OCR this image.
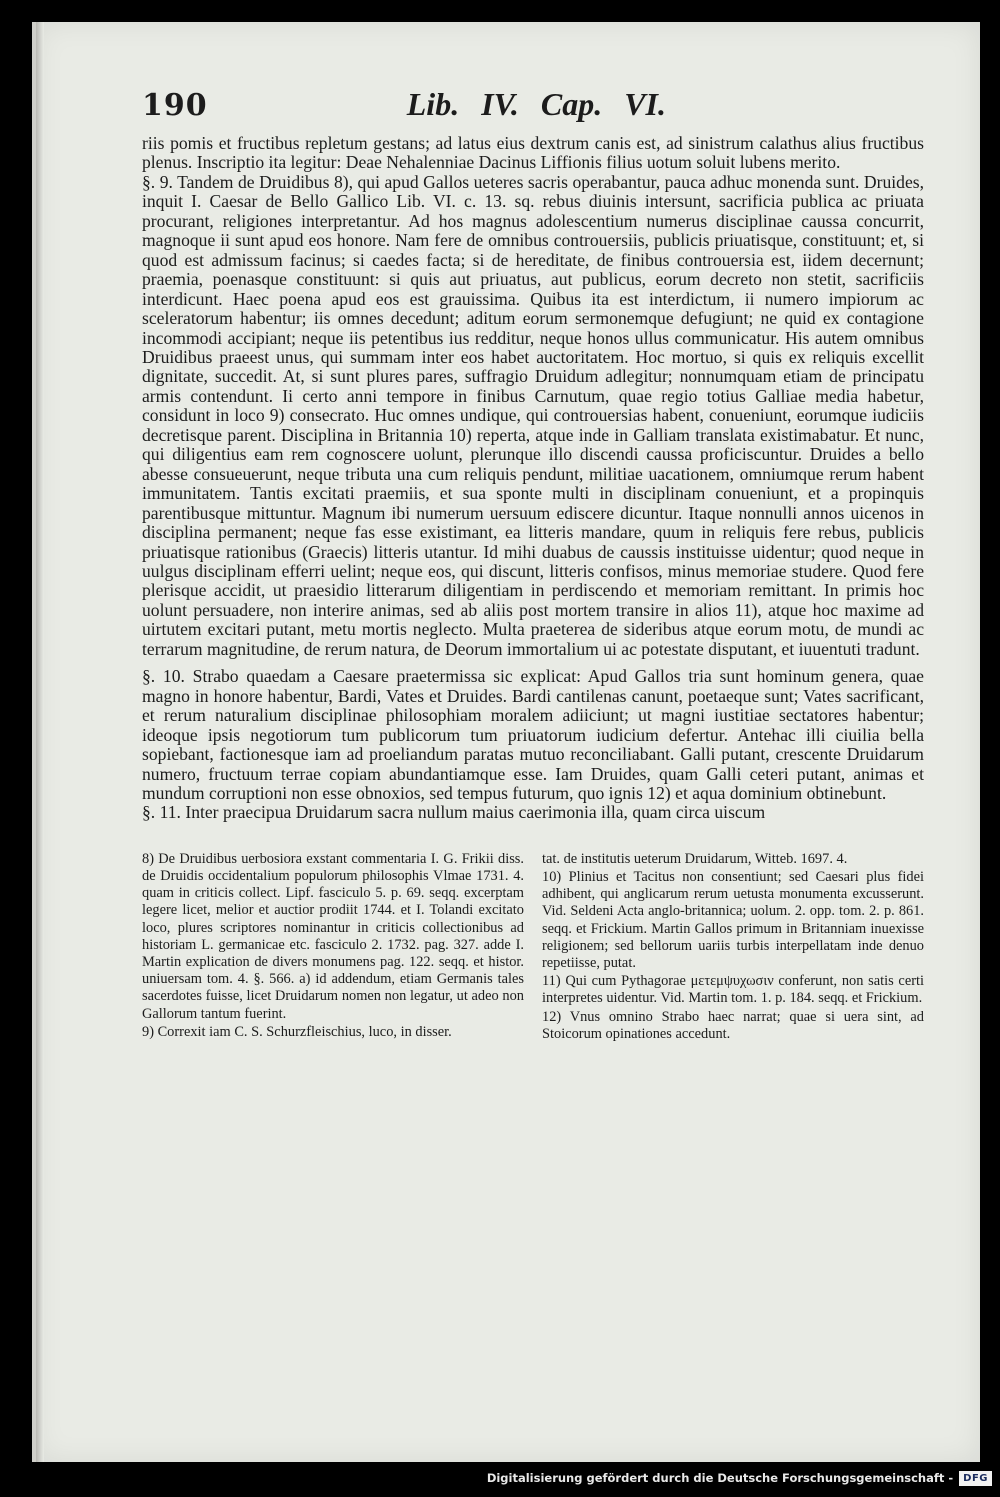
190	Lib. IV. Cap. VI.

riis pomis et fructibus repletum gestans; ad latus eius dextrum canis est, ad sinistrum calathus alius fructibus plenus. Inscriptio ita legitur: Deae Nehalenniae Dacinus Liffionis filius uotum soluit lubens merito.

§. 9. Tandem de Druidibus 8), qui apud Gallos ueteres sacris operabantur, pauca adhuc monenda sunt. Druides, inquit I. Caesar de Bello Gallico Lib. VI. c. 13. sq. rebus diuinis intersunt, sacrificia publica ac priuata procurant, religiones interpretantur. Ad hos magnus adolescentium numerus disciplinae caussa concurrit, magnoque ii sunt apud eos honore. Nam fere de omnibus controuersiis, publicis priuatisque, constituunt; et, si quod est admissum facinus; si caedes facta; si de hereditate, de finibus controuersia est, iidem decernunt; praemia, poenasque constituunt: si quis aut priuatus, aut publicus, eorum decreto non stetit, sacrificiis interdicunt. Haec poena apud eos est grauissima. Quibus ita est interdictum, ii numero impiorum ac sceleratorum habentur; iis omnes decedunt; aditum eorum sermonemque defugiunt; ne quid ex contagione incommodi accipiant; neque iis petentibus ius redditur, neque honos ullus communicatur. His autem omnibus Druidibus praeest unus, qui summam inter eos habet auctoritatem. Hoc mortuo, si quis ex reliquis excellit dignitate, succedit. At, si sunt plures pares, suffragio Druidum adlegitur; nonnumquam etiam de principatu armis contendunt. Ii certo anni tempore in finibus Carnutum, quae regio totius Galliae media habetur, considunt in loco 9) consecrato. Huc omnes undique, qui controuersias habent, conueniunt, eorumque iudiciis decretisque parent. Disciplina in Britannia 10) reperta, atque inde in Galliam translata existimabatur. Et nunc, qui diligentius eam rem cognoscere uolunt, plerunque illo discendi caussa proficiscuntur. Druides a bello abesse consueuerunt, neque tributa una cum reliquis pendunt, militiae uacationem, omniumque rerum habent immunitatem. Tantis excitati praemiis, et sua sponte multi in disciplinam conueniunt, et a propinquis parentibusque mittuntur. Magnum ibi numerum uersuum ediscere dicuntur. Itaque nonnulli annos uicenos in disciplina permanent; neque fas esse existimant, ea litteris mandare, quum in reliquis fere rebus, publicis priuatisque rationibus (Graecis) litteris utantur. Id mihi duabus de caussis instituisse uidentur; quod neque in uulgus disciplinam efferri uelint; neque eos, qui discunt, litteris confisos, minus memoriae studere. Quod fere plerisque accidit, ut praesidio litterarum diligentiam in perdiscendo et memoriam remittant. In primis hoc uolunt persuadere, non interire animas, sed ab aliis post mortem transire in alios 11), atque hoc maxime ad uirtutem excitari putant, metu mortis neglecto. Multa praeterea de sideribus atque eorum motu, de mundi ac terrarum magnitudine, de rerum natura, de Deorum immortalium ui ac potestate disputant, et iuuentuti tradunt.

§. 10. Strabo quaedam a Caesare praetermissa sic explicat: Apud Gallos tria sunt hominum genera, quae magno in honore habentur, Bardi, Vates et Druides. Bardi cantilenas canunt, poetaeque sunt; Vates sacrificant, et rerum naturalium disciplinae philosophiam moralem adiiciunt; ut magni iustitiae sectatores habentur; ideoque ipsis negotiorum tum publicorum tum priuatorum iudicium defertur. Antehac illi ciuilia bella sopiebant, factionesque iam ad proeliandum paratas mutuo reconciliabant. Galli putant, crescente Druidarum numero, fructuum terrae copiam abundantiamque esse. Iam Druides, quam Galli ceteri putant, animas et mundum corruptioni non esse obnoxios, sed tempus futurum, quo ignis 12) et aqua dominium obtinebunt.

§. 11. Inter praecipua Druidarum sacra nullum maius caerimonia illa, quam circa uiscum

8) De Druidibus uerbosiora exstant commentaria I. G. Frikii diss. de Druidis occidentalium populorum philosophis Vlmae 1731. 4. quam in criticis collect. Lipf. fasciculo 5. p. 69. seqq. excerptam legere licet, melior et auctior prodiit 1744. et I. Tolandi excitato loco, plures scriptores nominantur in criticis collectionibus ad historiam L. germanicae etc. fasciculo 2. 1732. pag. 327. adde I. Martin explication de divers monumens pag. 122. seqq. et histor. uniuersam tom. 4. §. 566. a) id addendum, etiam Germanis tales sacerdotes fuisse, licet Druidarum nomen non legatur, ut adeo non Gallorum tantum fuerint.

9) Correxit iam C. S. Schurzfleischius, luco, in disser.

tat. de institutis ueterum Druidarum, Witteb. 1697. 4.

10) Plinius et Tacitus non consentiunt; sed Caesari plus fidei adhibent, qui anglicarum rerum uetusta monumenta excusserunt. Vid. Seldeni Acta anglo-britannica; uolum. 2. opp. tom. 2. p. 861. seqq. et Frickium. Martin Gallos primum in Britanniam inuexisse religionem; sed bellorum uariis turbis interpellatam inde denuo repetiisse, putat.

11) Qui cum Pythagorae μετεμψυχωσιν conferunt, non satis certi interpretes uidentur. Vid. Martin tom. 1. p. 184. seqq. et Frickium.

12) Vnus omnino Strabo haec narrat; quae si uera sint, ad Stoicorum opinationes accedunt.

Digitalisierung gefördert durch die Deutsche Forschungsgemeinschaft -	DFG
